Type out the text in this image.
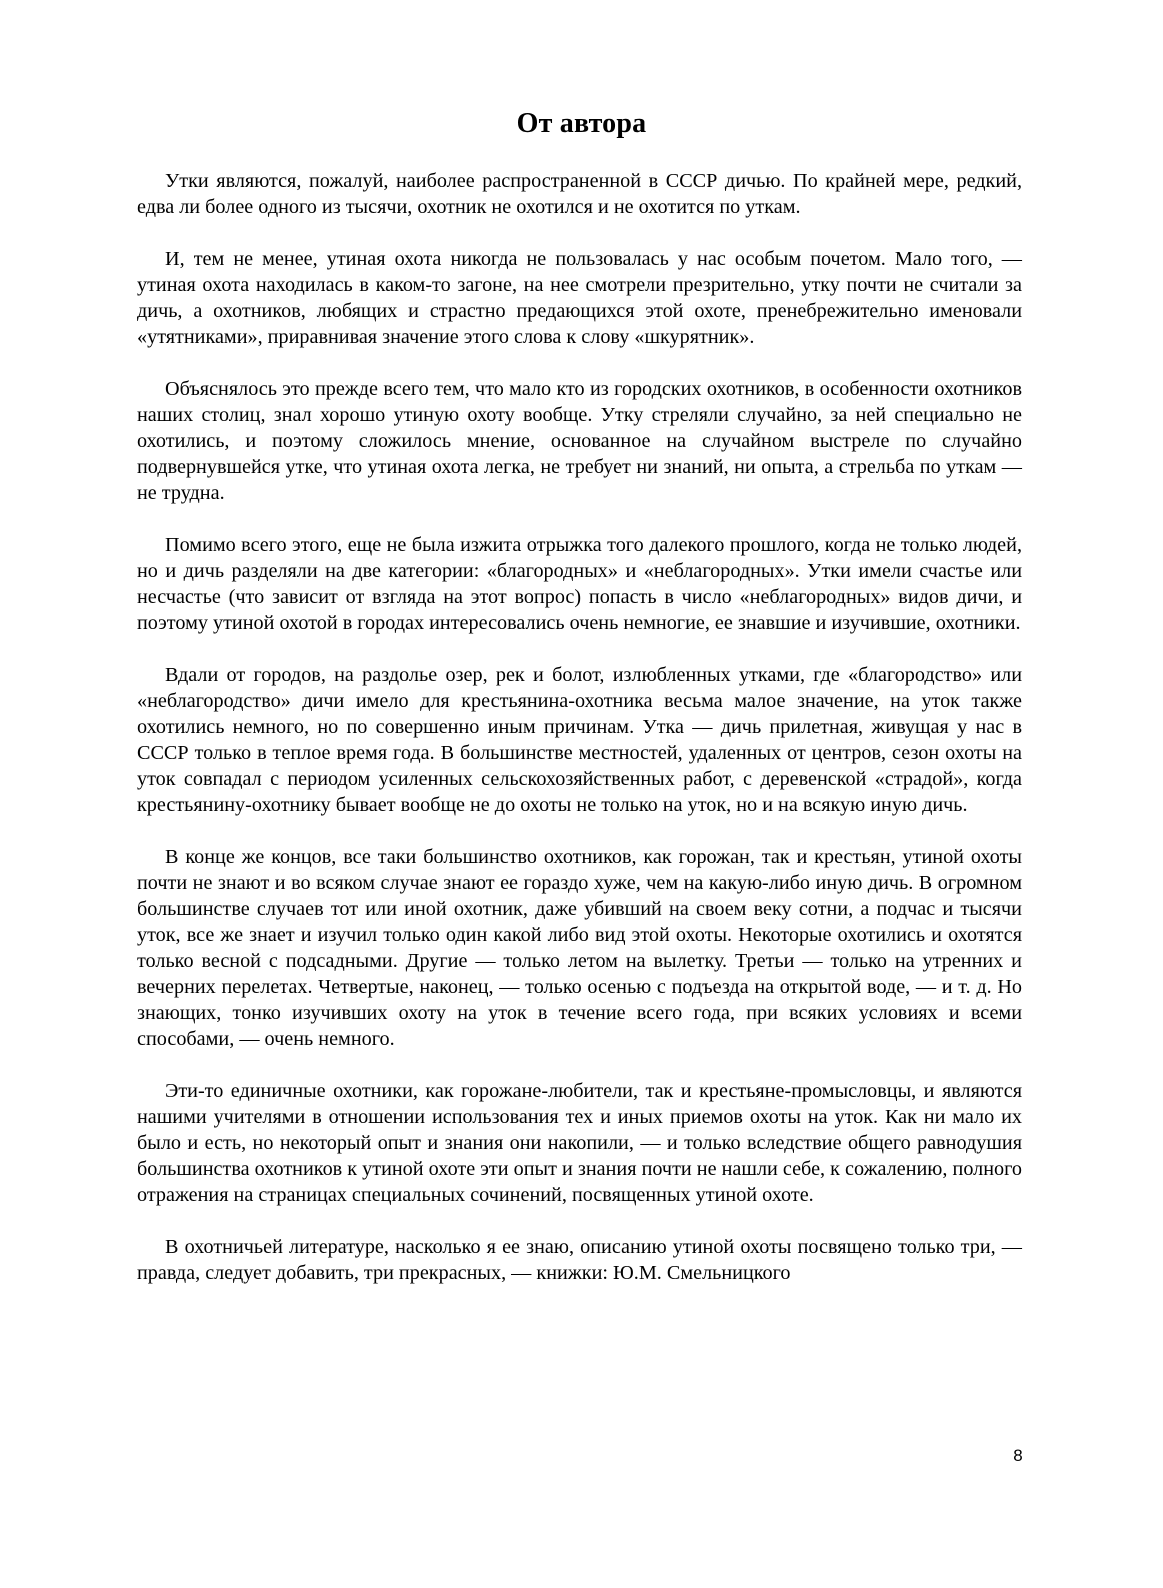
От автора

Утки являются, пожалуй, наиболее распространенной в СССР дичью. По крайней мере, редкий, едва ли более одного из тысячи, охотник не охотился и не охотится по уткам.

И, тем не менее, утиная охота никогда не пользовалась у нас особым почетом. Мало того, — утиная охота находилась в каком-то загоне, на нее смотрели презрительно, утку почти не считали за дичь, а охотников, любящих и страстно предающихся этой охоте, пренебрежительно именовали «утятниками», приравнивая значение этого слова к слову «шкурятник».

Объяснялось это прежде всего тем, что мало кто из городских охотников, в особенности охотников наших столиц, знал хорошо утиную охоту вообще. Утку стреляли случайно, за ней специально не охотились, и поэтому сложилось мнение, основанное на случайном выстреле по случайно подвернувшейся утке, что утиная охота легка, не требует ни знаний, ни опыта, а стрельба по уткам — не трудна.

Помимо всего этого, еще не была изжита отрыжка того далекого прошлого, когда не только людей, но и дичь разделяли на две категории: «благородных» и «неблагородных». Утки имели счастье или несчастье (что зависит от взгляда на этот вопрос) попасть в число «неблагородных» видов дичи, и поэтому утиной охотой в городах интересовались очень немногие, ее знавшие и изучившие, охотники.

Вдали от городов, на раздолье озер, рек и болот, излюбленных утками, где «благородство» или «неблагородство» дичи имело для крестьянина-охотника весьма малое значение, на уток также охотились немного, но по совершенно иным причинам. Утка — дичь прилетная, живущая у нас в СССР только в теплое время года. В большинстве местностей, удаленных от центров, сезон охоты на уток совпадал с периодом усиленных сельскохозяйственных работ, с деревенской «страдой», когда крестьянину-охотнику бывает вообще не до охоты не только на уток, но и на всякую иную дичь.

В конце же концов, все таки большинство охотников, как горожан, так и крестьян, утиной охоты почти не знают и во всяком случае знают ее гораздо хуже, чем на какую-либо иную дичь. В огромном большинстве случаев тот или иной охотник, даже убивший на своем веку сотни, а подчас и тысячи уток, все же знает и изучил только один какой либо вид этой охоты. Некоторые охотились и охотятся только весной с подсадными. Другие — только летом на вылетку. Третьи — только на утренних и вечерних перелетах. Четвертые, наконец, — только осенью с подъезда на открытой воде, — и т. д. Но знающих, тонко изучивших охоту на уток в течение всего года, при всяких условиях и всеми способами, — очень немного.

Эти-то единичные охотники, как горожане-любители, так и крестьяне-промысловцы, и являются нашими учителями в отношении использования тех и иных приемов охоты на уток. Как ни мало их было и есть, но некоторый опыт и знания они накопили, — и только вследствие общего равнодушия большинства охотников к утиной охоте эти опыт и знания почти не нашли себе, к сожалению, полного отражения на страницах специальных сочинений, посвященных утиной охоте.

В охотничьей литературе, насколько я ее знаю, описанию утиной охоты посвящено только три, — правда, следует добавить, три прекрасных, — книжки: Ю.М. Смельницкого

8
